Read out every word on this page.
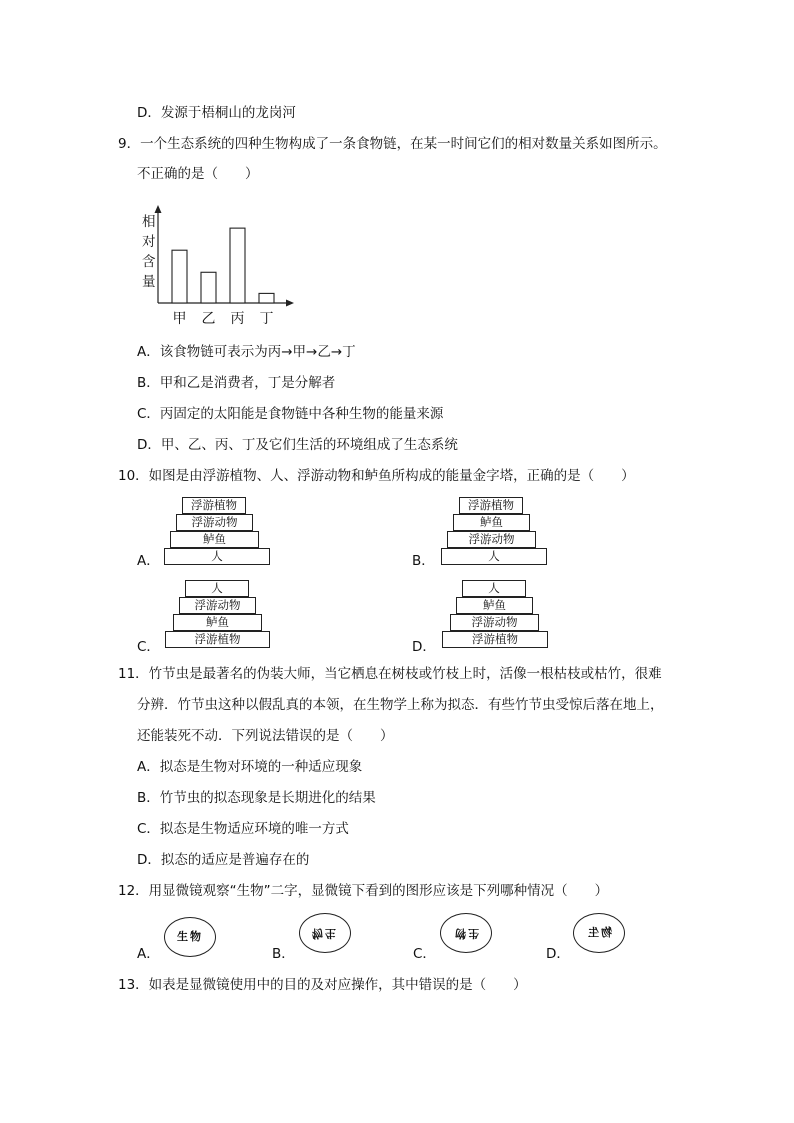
D．发源于梧桐山的龙岗河
9．一个生态系统的四种生物构成了一条食物链，在某一时间它们的相对数量关系如图所示。
不正确的是（　　）
相
对
含
量
甲 乙 丙 丁
A．该食物链可表示为丙→甲→乙→丁
B．甲和乙是消费者，丁是分解者
C．丙固定的太阳能是食物链中各种生物的能量来源
D．甲、乙、丙、丁及它们生活的环境组成了生态系统
10．如图是由浮游植物、人、浮游动物和鲈鱼所构成的能量金字塔，正确的是（　　）
A．
浮游植物
浮游动物
鲈鱼
人	B．
浮游植物
鲈鱼
浮游动物
人
C．
人
浮游动物
鲈鱼
浮游植物	D．
人
鲈鱼
浮游动物
浮游植物
11．竹节虫是最著名的伪装大师，当它栖息在树枝或竹枝上时，活像一根枯枝或枯竹，很难
分辨．竹节虫这种以假乱真的本领，在生物学上称为拟态．有些竹节虫受惊后落在地上，
还能装死不动．下列说法错误的是（　　）
A．拟态是生物对环境的一种适应现象
B．竹节虫的拟态现象是长期进化的结果
C．拟态是生物适应环境的唯一方式
D．拟态的适应是普遍存在的
12．用显微镜观察“生物”二字，显微镜下看到的图形应该是下列哪种情况（　　）
A．
生物
B．
物生
C．
生物
D．
物生
13．如表是显微镜使用中的目的及对应操作，其中错误的是（　　）
